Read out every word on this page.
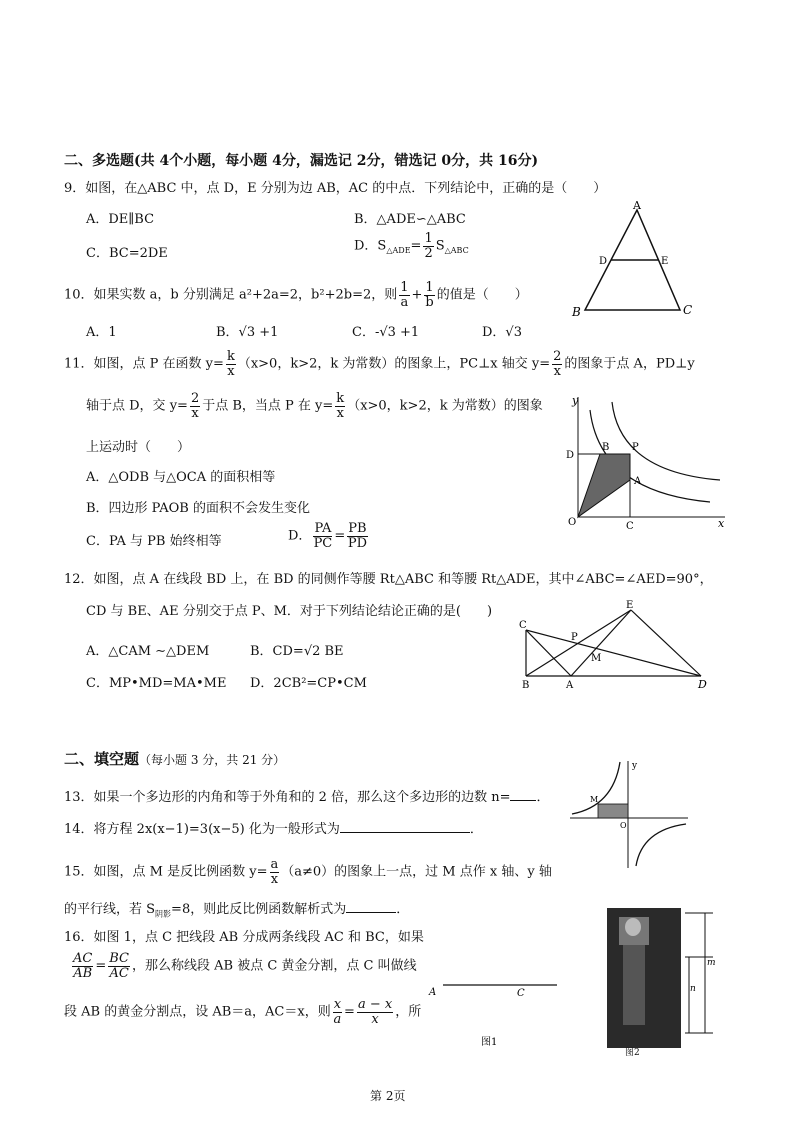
二、多选题(共 4个小题，每小题 4分，漏选记 2分，错选记 0分，共 16分)
9．如图，在△ABC 中，点 D，E 分别为边 AB，AC 的中点．下列结论中，正确的是（　　）
A．DE∥BC	B．△ADE∽△ABC
C．BC=2DE	D．$S_{\triangle ADE}= \frac{1}{2} S_{\triangle ABC}$
A
B	C
D	E
10．如果实数 a，b 分别满足 a²+2a=2，b²+2b=2，则 $\frac{1}{a} + \frac{1}{b}$ 的值是（　　）
A．1	B．√3 +1	C．-√3 +1	D．√3
11．如图，点 P 在函数 $y= \frac{k}{x} (x>0$，k>2，k 为常数）的图象上，PC⊥x 轴交 $y= \frac{2}{x}$ 的图象于点 A，PD⊥y
轴于点 D，交 $y= \frac{2}{x}$ 于点 B，当点 P 在 $y= \frac{k}{x} (x>0$，k>2，k 为常数）的图象
上运动时（　　）
A．△ODB 与△OCA 的面积相等
B．四边形 PAOB 的面积不会发生变化
C．PA 与 PB 始终相等	D． $\frac{PA}{PC} = \frac{PB}{PD}$
y
x
D
B P
A
O	C
12．如图，点 A 在线段 BD 上，在 BD 的同侧作等腰 Rt△ABC 和等腰 Rt△ADE，其中∠ABC=∠AED=90°，
CD 与 BE、AE 分别交于点 P、M．对于下列结论结论正确的是(　　)
A．△CAM ∼△DEM	B．CD=√2 BE
C．MP•MD=MA•ME D．2CB²=CP•CM
C
P
E
M
B	A	D
二、填空题（每小题 3 分，共 21 分）
13．如果一个多边形的内角和等于外角和的 2 倍，那么这个多边形的边数 n= ．
14．将方程 2x(x−1)=3(x−5) 化为一般形式为	．
15．如图，点 M 是反比例函数 $y= \frac{a}{x} (a\ne 0)$的图象上一点，过 M 点作 x 轴、y 轴
的平行线，若 $S_{阴影}=8$，则此反比例函数解析式为	．
M
y
O
16．如图 1，点 C 把线段 AB 分成两条线段 AC 和 BC，如果
$\frac{AC}{AB} = \frac{BC}{AC}$ ，那么称线段 AB 被点 C 黄金分割，点 C 叫做线
段 AB 的黄金分割点，设 AB＝a，AC＝x，则 $\frac{x}{a} = \frac{a - x}{x}$ ，所
A	C
图1
m
n
图2
第 2页
